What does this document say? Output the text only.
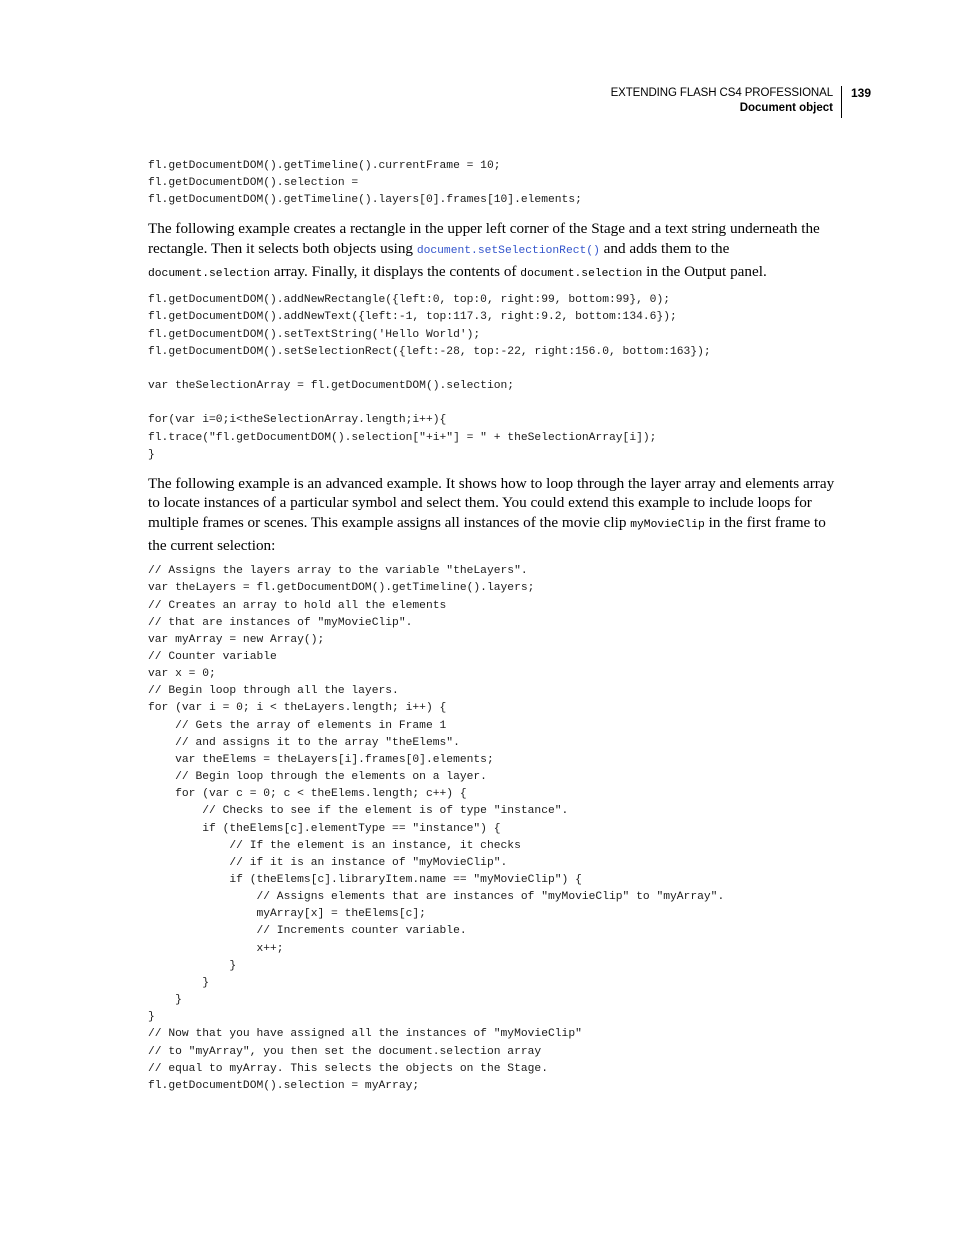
EXTENDING FLASH CS4 PROFESSIONAL
Document object
139
fl.getDocumentDOM().getTimeline().currentFrame = 10;
fl.getDocumentDOM().selection =
fl.getDocumentDOM().getTimeline().layers[0].frames[10].elements;

The following example creates a rectangle in the upper left corner of the Stage and a text string underneath the rectangle. Then it selects both objects using document.setSelectionRect() and adds them to the document.selection array. Finally, it displays the contents of document.selection in the Output panel.

fl.getDocumentDOM().addNewRectangle({left:0, top:0, right:99, bottom:99}, 0);
fl.getDocumentDOM().addNewText({left:-1, top:117.3, right:9.2, bottom:134.6});
fl.getDocumentDOM().setTextString('Hello World');
fl.getDocumentDOM().setSelectionRect({left:-28, top:-22, right:156.0, bottom:163});

var theSelectionArray = fl.getDocumentDOM().selection;

for(var i=0;i<theSelectionArray.length;i++){
fl.trace("fl.getDocumentDOM().selection["+i+"] = " + theSelectionArray[i]);
}

The following example is an advanced example. It shows how to loop through the layer array and elements array to locate instances of a particular symbol and select them. You could extend this example to include loops for multiple frames or scenes. This example assigns all instances of the movie clip myMovieClip in the first frame to the current selection:

// Assigns the layers array to the variable "theLayers".
var theLayers = fl.getDocumentDOM().getTimeline().layers;
// Creates an array to hold all the elements
// that are instances of "myMovieClip".
var myArray = new Array();
// Counter variable
var x = 0;
// Begin loop through all the layers.
for (var i = 0; i < theLayers.length; i++) {
// Gets the array of elements in Frame 1
// and assigns it to the array "theElems".
var theElems = theLayers[i].frames[0].elements;
// Begin loop through the elements on a layer.
for (var c = 0; c < theElems.length; c++) {
// Checks to see if the element is of type "instance".
if (theElems[c].elementType == "instance") {
// If the element is an instance, it checks
// if it is an instance of "myMovieClip".
if (theElems[c].libraryItem.name == "myMovieClip") {
// Assigns elements that are instances of "myMovieClip" to "myArray".
myArray[x] = theElems[c];
// Increments counter variable.
x++;
}
}
}
}
// Now that you have assigned all the instances of "myMovieClip"
// to "myArray", you then set the document.selection array
// equal to myArray. This selects the objects on the Stage.
fl.getDocumentDOM().selection = myArray;
